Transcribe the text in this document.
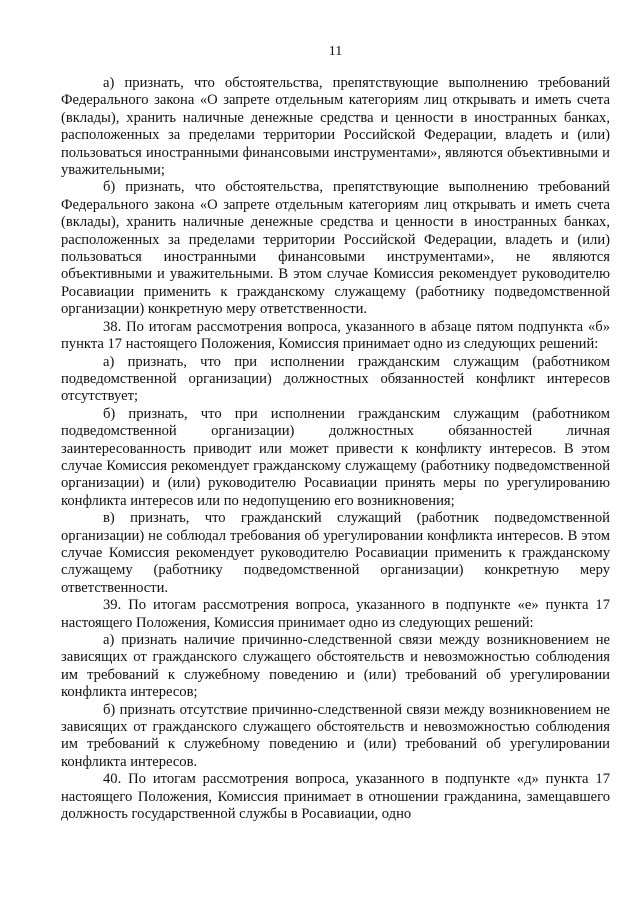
11

а) признать, что обстоятельства, препятствующие выполнению требований Федерального закона «О запрете отдельным категориям лиц открывать и иметь счета (вклады), хранить наличные денежные средства и ценности в иностранных банках, расположенных за пределами территории Российской Федерации, владеть и (или) пользоваться иностранными финансовыми инструментами», являются объективными и уважительными;

б) признать, что обстоятельства, препятствующие выполнению требований Федерального закона «О запрете отдельным категориям лиц открывать и иметь счета (вклады), хранить наличные денежные средства и ценности в иностранных банках, расположенных за пределами территории Российской Федерации, владеть и (или) пользоваться иностранными финансовыми инструментами», не являются объективными и уважительными. В этом случае Комиссия рекомендует руководителю Росавиации применить к гражданскому служащему (работнику подведомственной организации) конкретную меру ответственности.

38. По итогам рассмотрения вопроса, указанного в абзаце пятом подпункта «б» пункта 17 настоящего Положения, Комиссия принимает одно из следующих решений:

а) признать, что при исполнении гражданским служащим (работником подведомственной организации) должностных обязанностей конфликт интересов отсутствует;

б) признать, что при исполнении гражданским служащим (работником подведомственной организации) должностных обязанностей личная заинтересованность приводит или может привести к конфликту интересов. В этом случае Комиссия рекомендует гражданскому служащему (работнику подведомственной организации) и (или) руководителю Росавиации принять меры по урегулированию конфликта интересов или по недопущению его возникновения;

в) признать, что гражданский служащий (работник подведомственной организации) не соблюдал требования об урегулировании конфликта интересов. В этом случае Комиссия рекомендует руководителю Росавиации применить к гражданскому служащему (работнику подведомственной организации) конкретную меру ответственности.

39. По итогам рассмотрения вопроса, указанного в подпункте «е» пункта 17 настоящего Положения, Комиссия принимает одно из следующих решений:

а) признать наличие причинно-следственной связи между возникновением не зависящих от гражданского служащего обстоятельств и невозможностью соблюдения им требований к служебному поведению и (или) требований об урегулировании конфликта интересов;

б) признать отсутствие причинно-следственной связи между возникновением не зависящих от гражданского служащего обстоятельств и невозможностью соблюдения им требований к служебному поведению и (или) требований об урегулировании конфликта интересов.

40. По итогам рассмотрения вопроса, указанного в подпункте «д» пункта 17 настоящего Положения, Комиссия принимает в отношении гражданина, замещавшего должность государственной службы в Росавиации, одно
